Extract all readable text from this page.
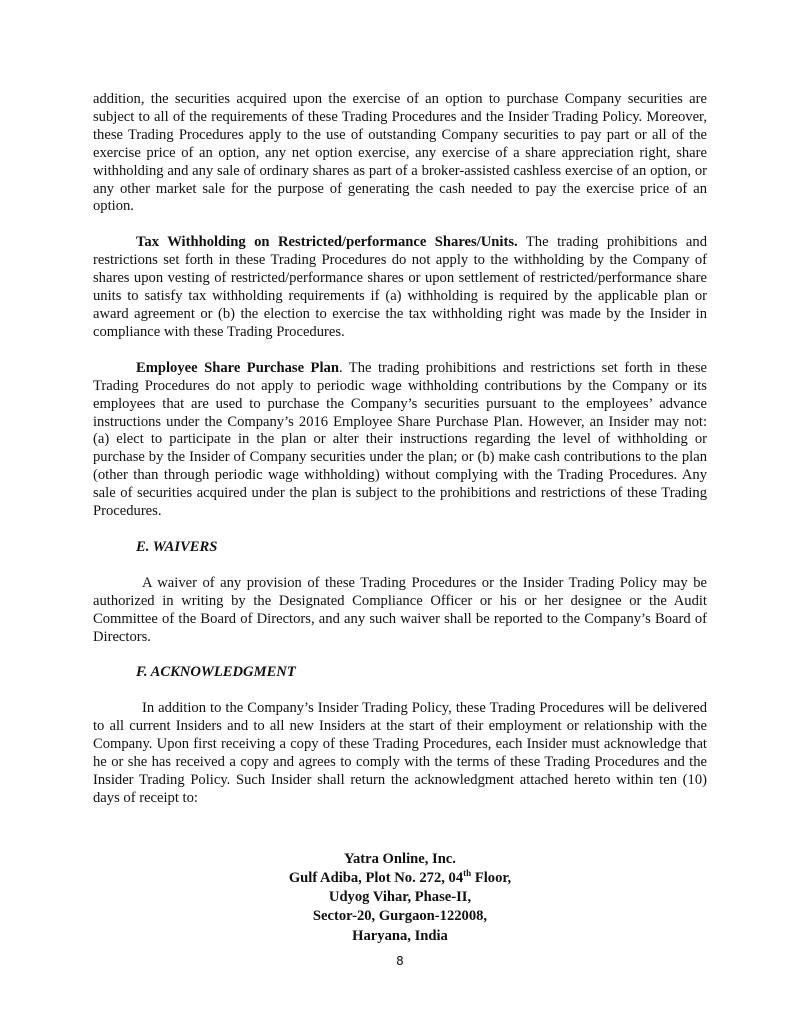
addition, the securities acquired upon the exercise of an option to purchase Company securities are subject to all of the requirements of these Trading Procedures and the Insider Trading Policy. Moreover, these Trading Procedures apply to the use of outstanding Company securities to pay part or all of the exercise price of an option, any net option exercise, any exercise of a share appreciation right, share withholding and any sale of ordinary shares as part of a broker-assisted cashless exercise of an option, or any other market sale for the purpose of generating the cash needed to pay the exercise price of an option.

Tax Withholding on Restricted/performance Shares/Units. The trading prohibitions and restrictions set forth in these Trading Procedures do not apply to the withholding by the Company of shares upon vesting of restricted/performance shares or upon settlement of restricted/performance share units to satisfy tax withholding requirements if (a) withholding is required by the applicable plan or award agreement or (b) the election to exercise the tax withholding right was made by the Insider in compliance with these Trading Procedures.

Employee Share Purchase Plan. The trading prohibitions and restrictions set forth in these Trading Procedures do not apply to periodic wage withholding contributions by the Company or its employees that are used to purchase the Company’s securities pursuant to the employees’ advance instructions under the Company’s 2016 Employee Share Purchase Plan. However, an Insider may not: (a) elect to participate in the plan or alter their instructions regarding the level of withholding or purchase by the Insider of Company securities under the plan; or (b) make cash contributions to the plan (other than through periodic wage withholding) without complying with the Trading Procedures. Any sale of securities acquired under the plan is subject to the prohibitions and restrictions of these Trading Procedures.

E. WAIVERS

A waiver of any provision of these Trading Procedures or the Insider Trading Policy may be authorized in writing by the Designated Compliance Officer or his or her designee or the Audit Committee of the Board of Directors, and any such waiver shall be reported to the Company’s Board of Directors.

F. ACKNOWLEDGMENT

In addition to the Company’s Insider Trading Policy, these Trading Procedures will be delivered to all current Insiders and to all new Insiders at the start of their employment or relationship with the Company. Upon first receiving a copy of these Trading Procedures, each Insider must acknowledge that he or she has received a copy and agrees to comply with the terms of these Trading Procedures and the Insider Trading Policy. Such Insider shall return the acknowledgment attached hereto within ten (10) days of receipt to:

Yatra Online, Inc.
Gulf Adiba, Plot No. 272, 04th Floor,
Udyog Vihar, Phase-II,
Sector-20, Gurgaon-122008,
Haryana, India
8
